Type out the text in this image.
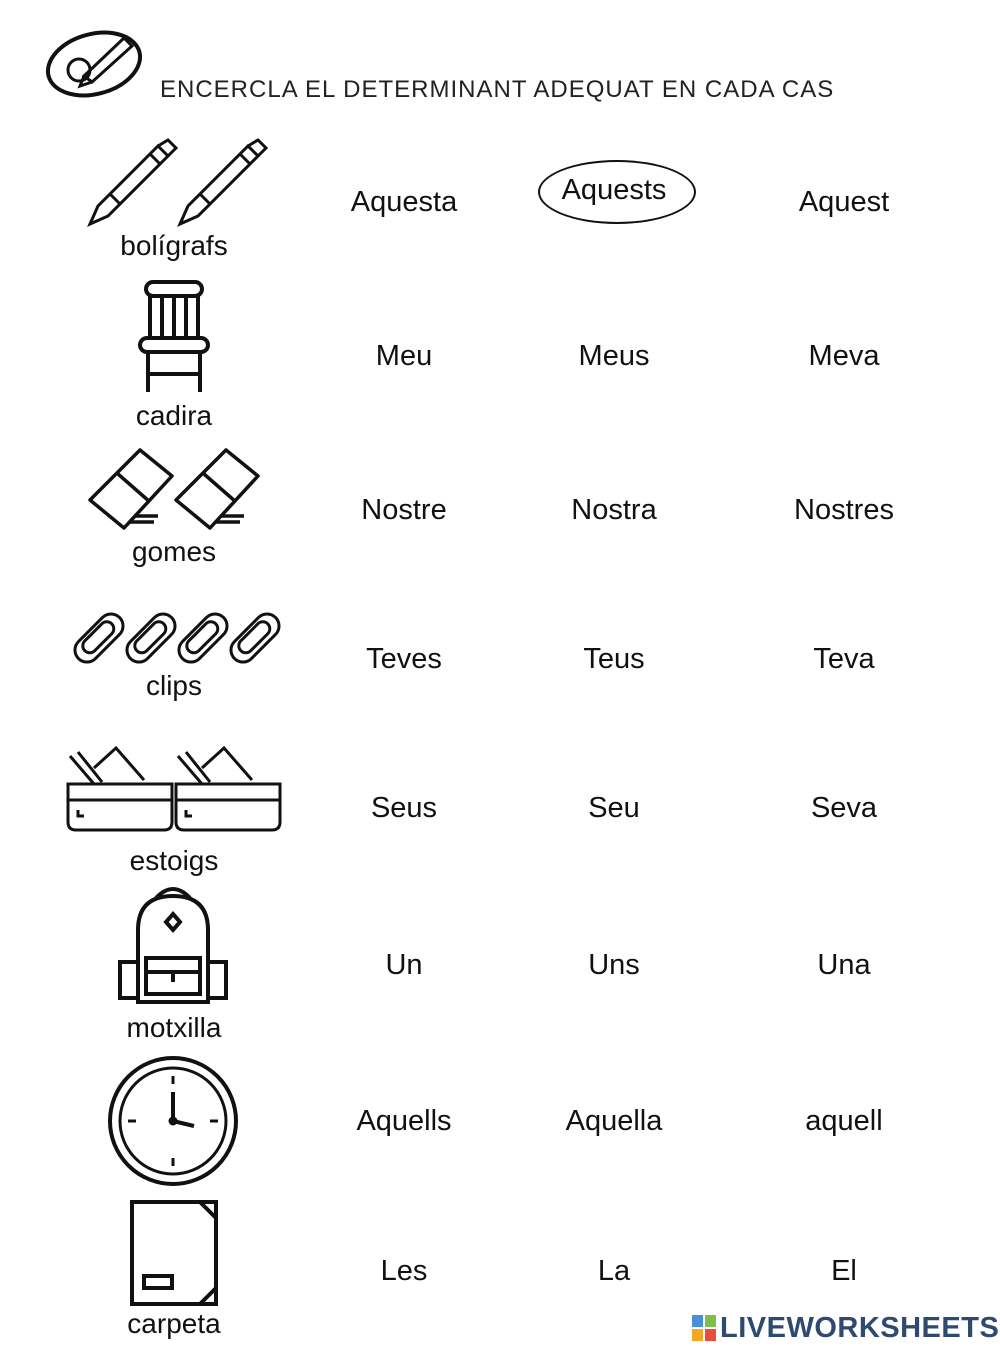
ENCERCLA EL DETERMINANT ADEQUAT EN CADA CAS
bolígrafs
Aquesta	Aquests	Aquest
cadira
Meu	Meus	Meva
gomes
Nostre	Nostra	Nostres
clips
Teves	Teus	Teva
estoigs
Seus	Seu	Seva
motxilla
Un	Uns	Una
Aquells	Aquella	aquell
carpeta
Les	La	El
LIVEWORKSHEETS
